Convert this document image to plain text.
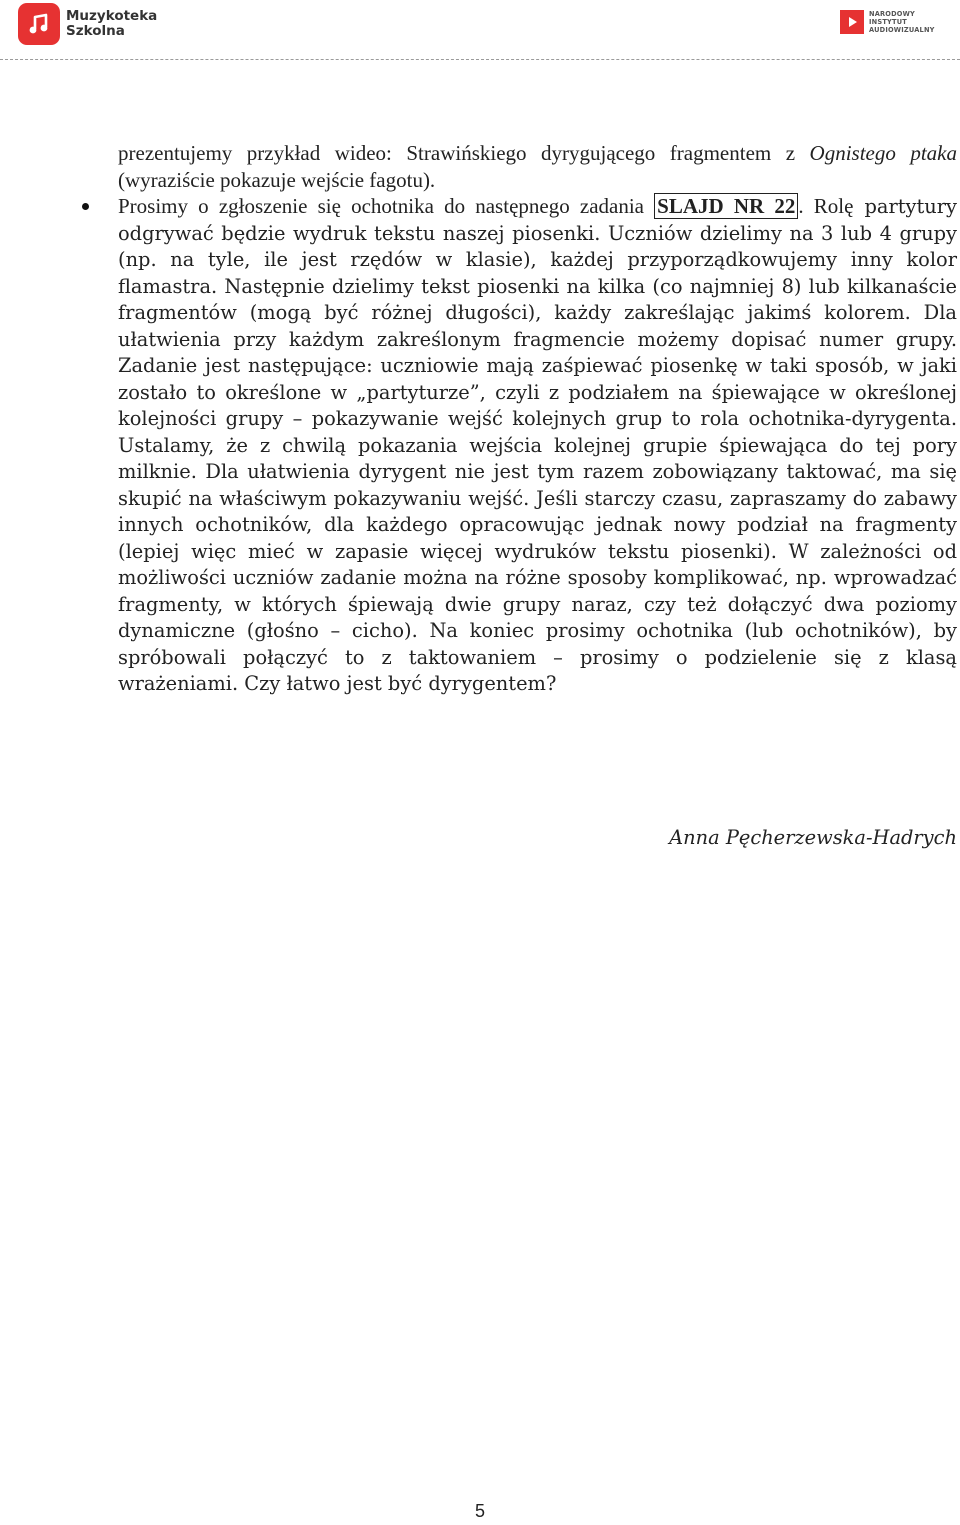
Muzykoteka
Szkolna
NARODOWY
INSTYTUT
AUDIOWIZUALNY

prezentujemy przykład wideo: Strawińskiego dyrygującego fragmentem z Ognistego ptaka (wyraziście pokazuje wejście fagotu).

Prosimy o zgłoszenie się ochotnika do następnego zadania SLAJD NR 22 . Rolę partytury odgrywać będzie wydruk tekstu naszej piosenki. Uczniów dzielimy na 3 lub 4 grupy (np. na tyle, ile jest rzędów w klasie), każdej przyporządkowujemy inny kolor flamastra. Następnie dzielimy tekst piosenki na kilka (co najmniej 8) lub kilkanaście fragmentów (mogą być różnej długości), każdy zakreślając jakimś kolorem. Dla ułatwienia przy każdym zakreślonym fragmencie możemy dopisać numer grupy. Zadanie jest następujące: uczniowie mają zaśpiewać piosenkę w taki sposób, w jaki zostało to określone w „partyturze”, czyli z podziałem na śpiewające w określonej kolejności grupy – pokazywanie wejść kolejnych grup to rola ochotnika-dyrygenta. Ustalamy, że z chwilą pokazania wejścia kolejnej grupie śpiewająca do tej pory milknie. Dla ułatwienia dyrygent nie jest tym razem zobowiązany taktować, ma się skupić na właściwym pokazywaniu wejść. Jeśli starczy czasu, zapraszamy do zabawy innych ochotników, dla każdego opracowując jednak nowy podział na fragmenty (lepiej więc mieć w zapasie więcej wydruków tekstu piosenki). W zależności od możliwości uczniów zadanie można na różne sposoby komplikować, np. wprowadzać fragmenty, w których śpiewają dwie grupy naraz, czy też dołączyć dwa poziomy dynamiczne (głośno – cicho). Na koniec prosimy ochotnika (lub ochotników), by spróbowali połączyć to z taktowaniem – prosimy o podzielenie się z klasą wrażeniami. Czy łatwo jest być dyrygentem?

Anna Pęcherzewska-Hadrych
5
